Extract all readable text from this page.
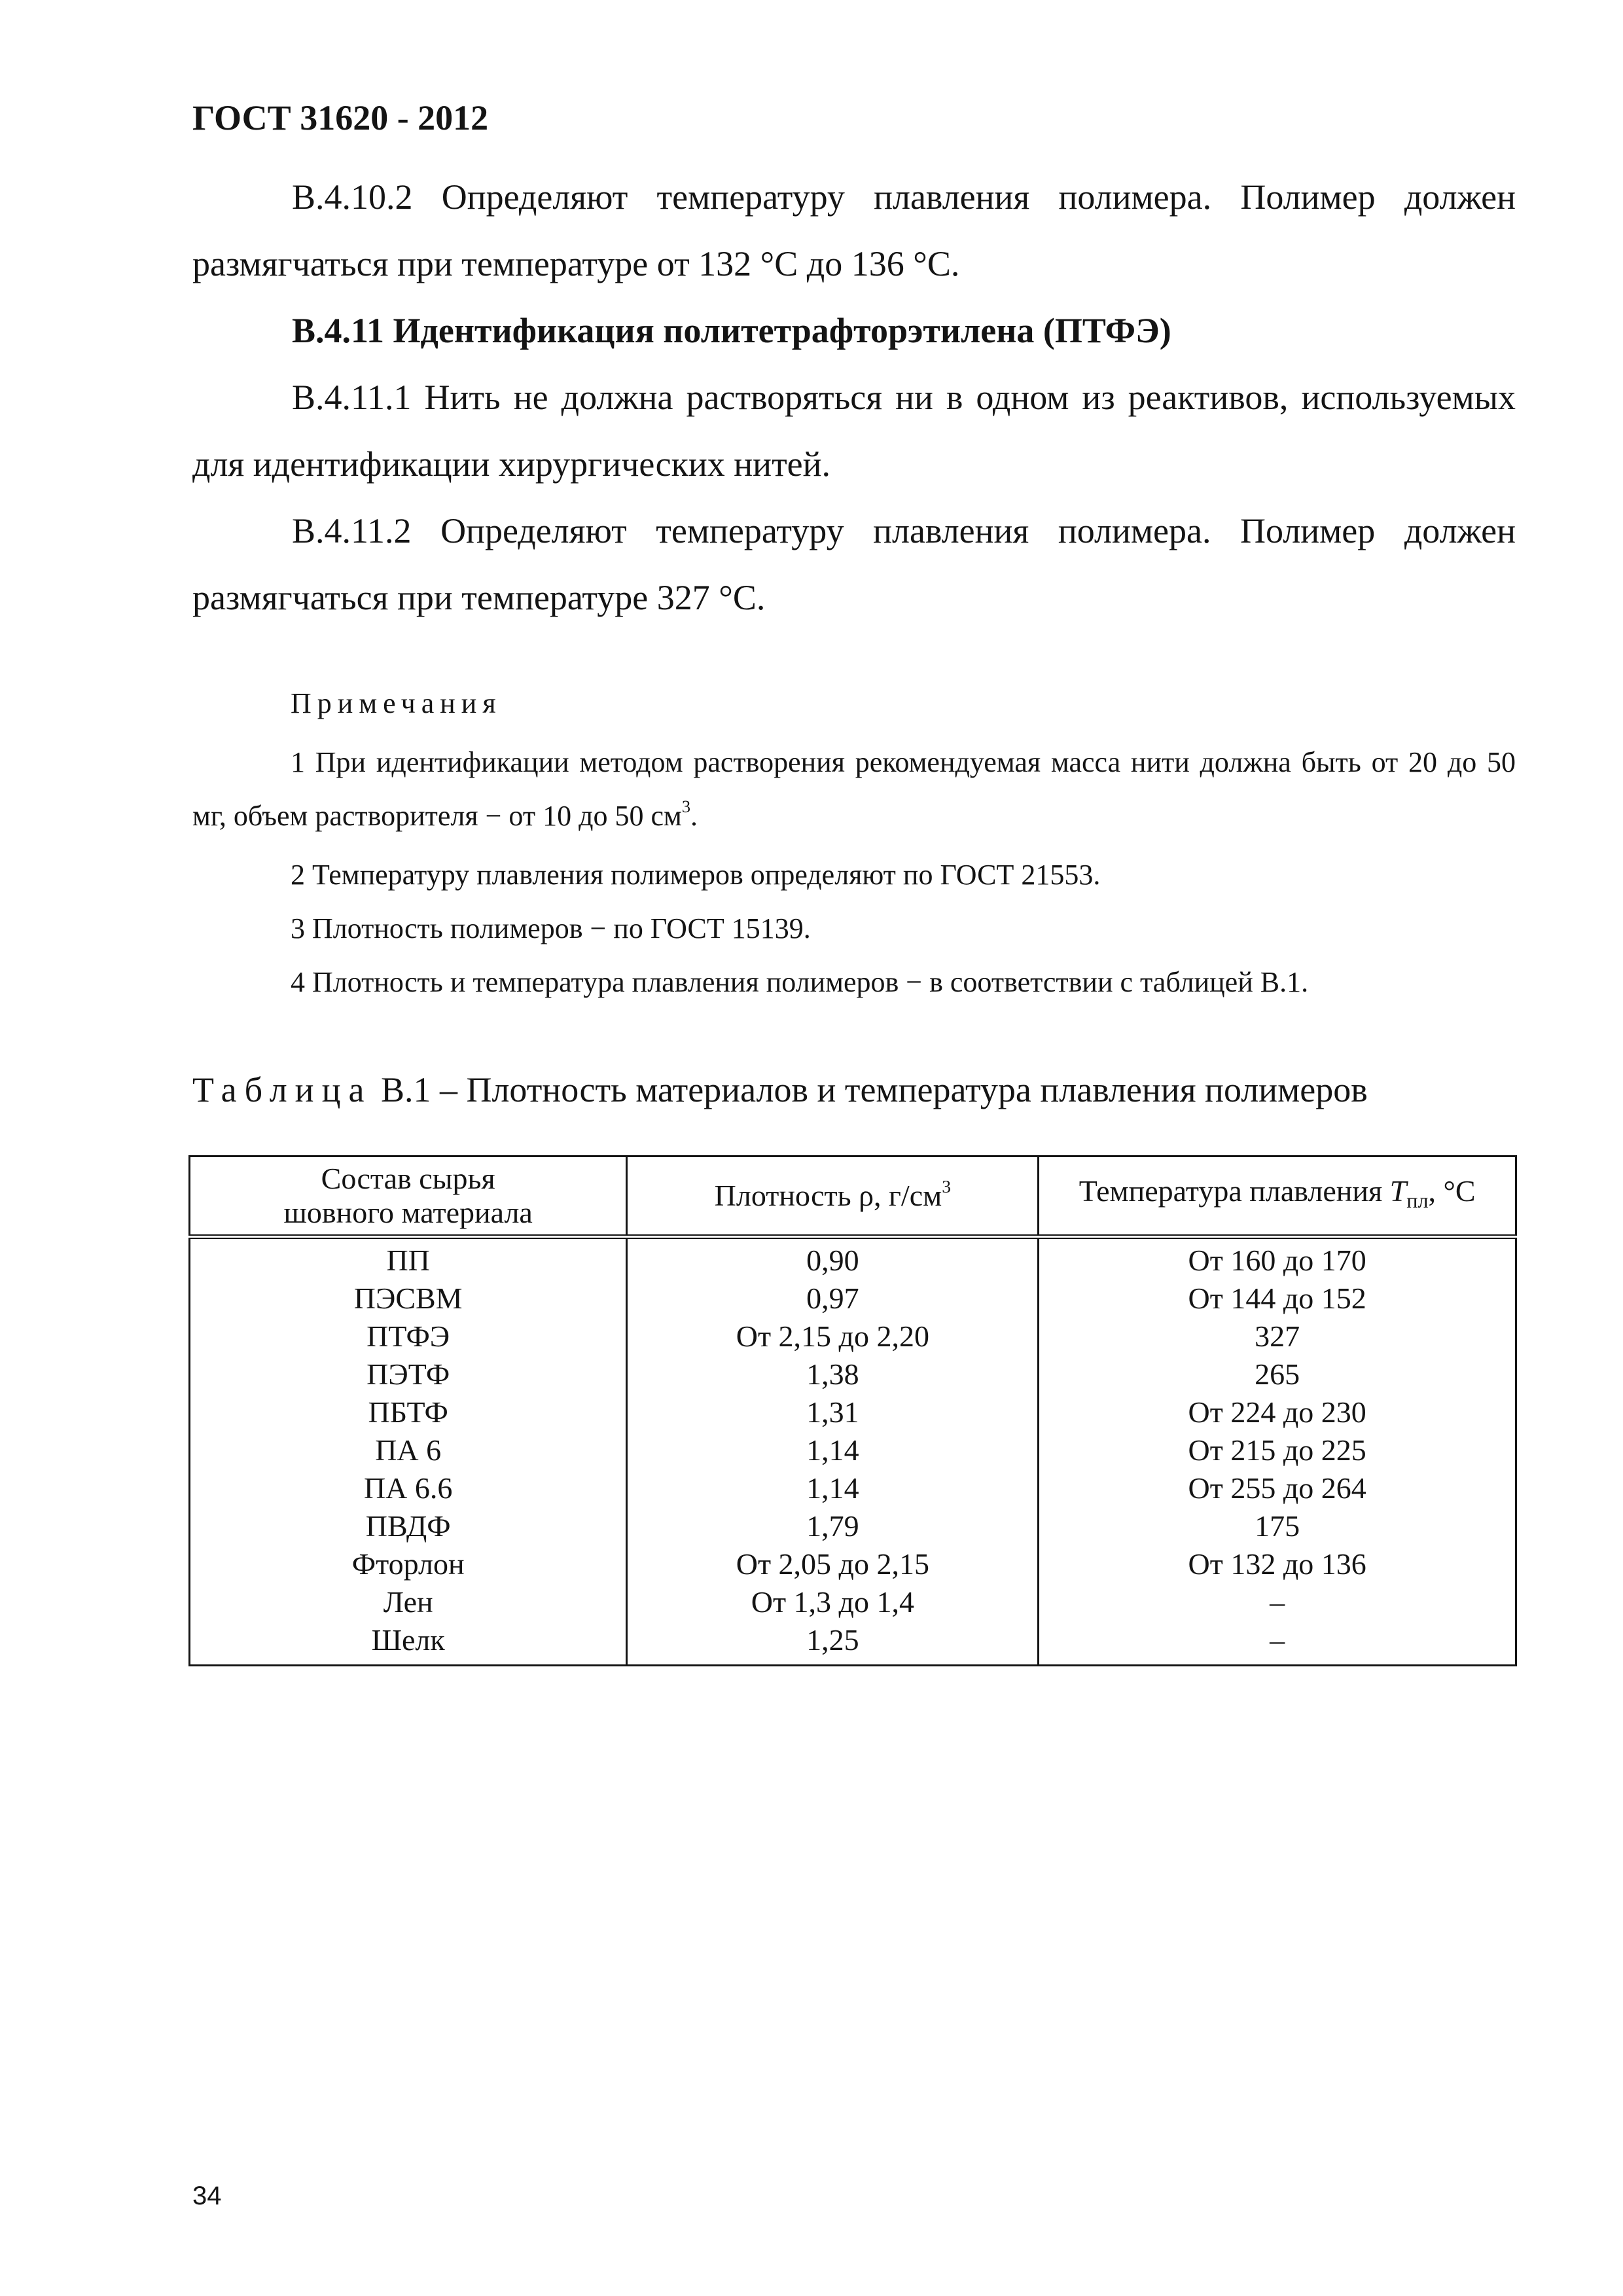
ГОСТ 31620 - 2012

В.4.10.2 Определяют температуру плавления полимера. Полимер должен размягчаться при температуре от 132 °С до 136 °С.

В.4.11 Идентификация политетрафторэтилена (ПТФЭ)

В.4.11.1 Нить не должна растворяться ни в одном из реактивов, используемых для идентификации хирургических нитей.

В.4.11.2 Определяют температуру плавления полимера. Полимер должен размягчаться при температуре 327 °С.

Примечания

1 При идентификации методом растворения рекомендуемая масса нити должна быть от 20 до 50 мг, объем растворителя − от 10 до 50 $см^3$.

2 Температуру плавления полимеров определяют по ГОСТ 21553.

3 Плотность полимеров − по ГОСТ 15139.

4 Плотность и температура плавления полимеров − в соответствии с таблицей В.1.

Таблица В.1 – Плотность материалов и температура плавления полимеров
Состав сырья
шовного материала	Плотность ρ, $г/см^3$	Температура плавления $T_{пл}$, °С
ПП	0,90	От 160 до 170
ПЭСВМ	0,97	От 144 до 152
ПТФЭ	От 2,15 до 2,20	327
ПЭТФ	1,38	265
ПБТФ	1,31	От 224 до 230
ПА 6	1,14	От 215 до 225
ПА 6.6	1,14	От 255 до 264
ПВДФ	1,79	175
Фторлон	От 2,05 до 2,15	От 132 до 136
Лен	От 1,3 до 1,4	–
Шелк	1,25	–
34
